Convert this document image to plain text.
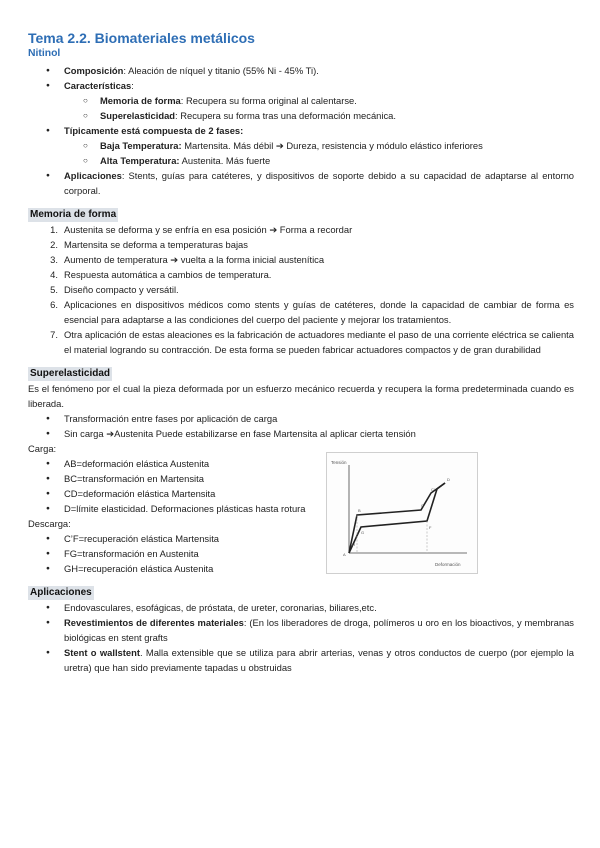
Tema 2.2. Biomateriales metálicos
Nitinol
● Composición: Aleación de níquel y titanio (55% Ni - 45% Ti).
● Características:
○ Memoria de forma: Recupera su forma original al calentarse.
○ Superelasticidad: Recupera su forma tras una deformación mecánica.
● Típicamente está compuesta de 2 fases:
○ Baja Temperatura: Martensita. Más débil ➔ Dureza, resistencia y módulo elástico inferiores
○ Alta Temperatura: Austenita. Más fuerte
● Aplicaciones: Stents, guías para catéteres, y dispositivos de soporte debido a su capacidad de adaptarse al entorno corporal.
Memoria de forma
1. Austenita se deforma y se enfría en esa posición ➔ Forma a recordar
2. Martensita se deforma a temperaturas bajas
3. Aumento de temperatura ➔ vuelta a la forma inicial austenítica
4. Respuesta automática a cambios de temperatura.
5. Diseño compacto y versátil.
6. Aplicaciones en dispositivos médicos como stents y guías de catéteres, donde la capacidad de cambiar de forma es esencial para adaptarse a las condiciones del cuerpo del paciente y mejorar los tratamientos.
7. Otra aplicación de estas aleaciones es la fabricación de actuadores mediante el paso de una corriente eléctrica se calienta el material logrando su contracción. De esta forma se pueden fabricar actuadores compactos y de gran durabilidad
Superelasticidad

Es el fenómeno por el cual la pieza deformada por un esfuerzo mecánico recuerda y recupera la forma predeterminada cuando es liberada.

● Transformación entre fases por aplicación de carga
● Sin carga ➔Austenita Puede estabilizarse en fase Martensita al aplicar cierta tensión

Carga:

● AB=deformación elástica Austenita
● BC=transformación en Martensita
● CD=deformación elástica Martensita
● D=límite elasticidad. Deformaciones plásticas hasta rotura

Descarga:

● C’F=recuperación elástica Martensita
● FG=transformación en Austenita
● GH=recuperación elástica Austenita
Aplicaciones
● Endovasculares, esofágicas, de próstata, de ureter, coronarias, biliares,etc.
● Revestimientos de diferentes materiales: (En los liberadores de droga, polímeros u oro en los bioactivos, y membranas biológicas en stent grafts
● Stent o wallstent. Malla extensible que se utiliza para abrir arterias, venas y otros conductos de cuerpo (por ejemplo la uretra) que han sido previamente tapadas u obstruidas
Tensión
Deformación
A
B
C
C'
D
F
G
H
